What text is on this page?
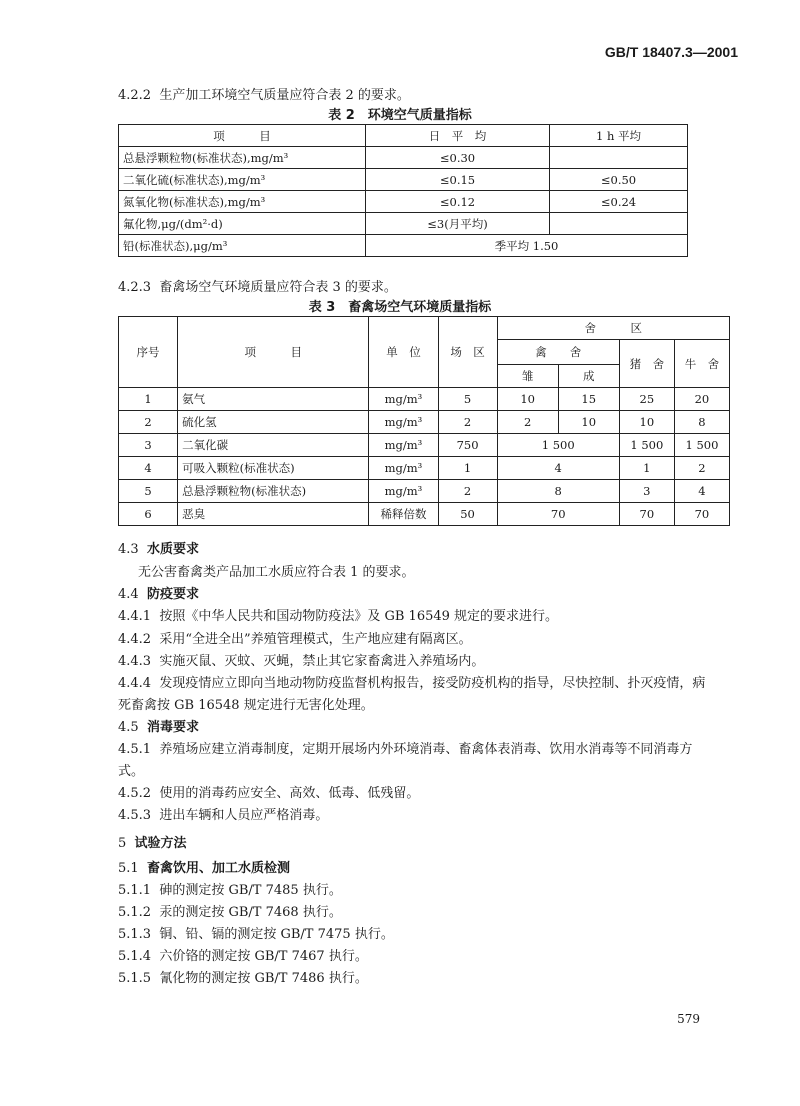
GB/T 18407.3—2001
4.2.2 生产加工环境空气质量应符合表 2 的要求。
表 2　环境空气质量指标
项　　　目	日　平　均	1 h 平均
总悬浮颗粒物(标准状态),mg/m³	≤0.30	
二氧化硫(标准状态),mg/m³	≤0.15	≤0.50
氮氧化物(标准状态),mg/m³	≤0.12	≤0.24
氟化物,μg/(dm²·d)	≤3(月平均)	
铅(标准状态),μg/m³	季平均 1.50	
4.2.3 畜禽场空气环境质量应符合表 3 的要求。
表 3　畜禽场空气环境质量指标
序号	项　　　目	单　位	场　区	舍　　　区			
				禽　　舍		猪　舍	牛　舍
				雏	成		
1	氨气	mg/m³	5	10	15	25	20
2	硫化氢	mg/m³	2	2	10	10	8
3	二氧化碳	mg/m³	750	1 500		1 500	1 500
4	可吸入颗粒(标准状态)	mg/m³	1	4		1	2
5	总悬浮颗粒物(标准状态)	mg/m³	2	8		3	4
6	恶臭	稀释倍数	50	70		70	70
4.3 水质要求
无公害畜禽类产品加工水质应符合表 1 的要求。
4.4 防疫要求
4.4.1 按照《中华人民共和国动物防疫法》及 GB 16549 规定的要求进行。
4.4.2 采用“全进全出”养殖管理模式，生产地应建有隔离区。
4.4.3 实施灭鼠、灭蚊、灭蝇，禁止其它家畜禽进入养殖场内。
4.4.4 发现疫情应立即向当地动物防疫监督机构报告，接受防疫机构的指导，尽快控制、扑灭疫情，病
死畜禽按 GB 16548 规定进行无害化处理。
4.5 消毒要求
4.5.1 养殖场应建立消毒制度，定期开展场内外环境消毒、畜禽体表消毒、饮用水消毒等不同消毒方
式。
4.5.2 使用的消毒药应安全、高效、低毒、低残留。
4.5.3 进出车辆和人员应严格消毒。
5 试验方法
5.1 畜禽饮用、加工水质检测
5.1.1 砷的测定按 GB/T 7485 执行。
5.1.2 汞的测定按 GB/T 7468 执行。
5.1.3 铜、铅、镉的测定按 GB/T 7475 执行。
5.1.4 六价铬的测定按 GB/T 7467 执行。
5.1.5 氰化物的测定按 GB/T 7486 执行。
579
